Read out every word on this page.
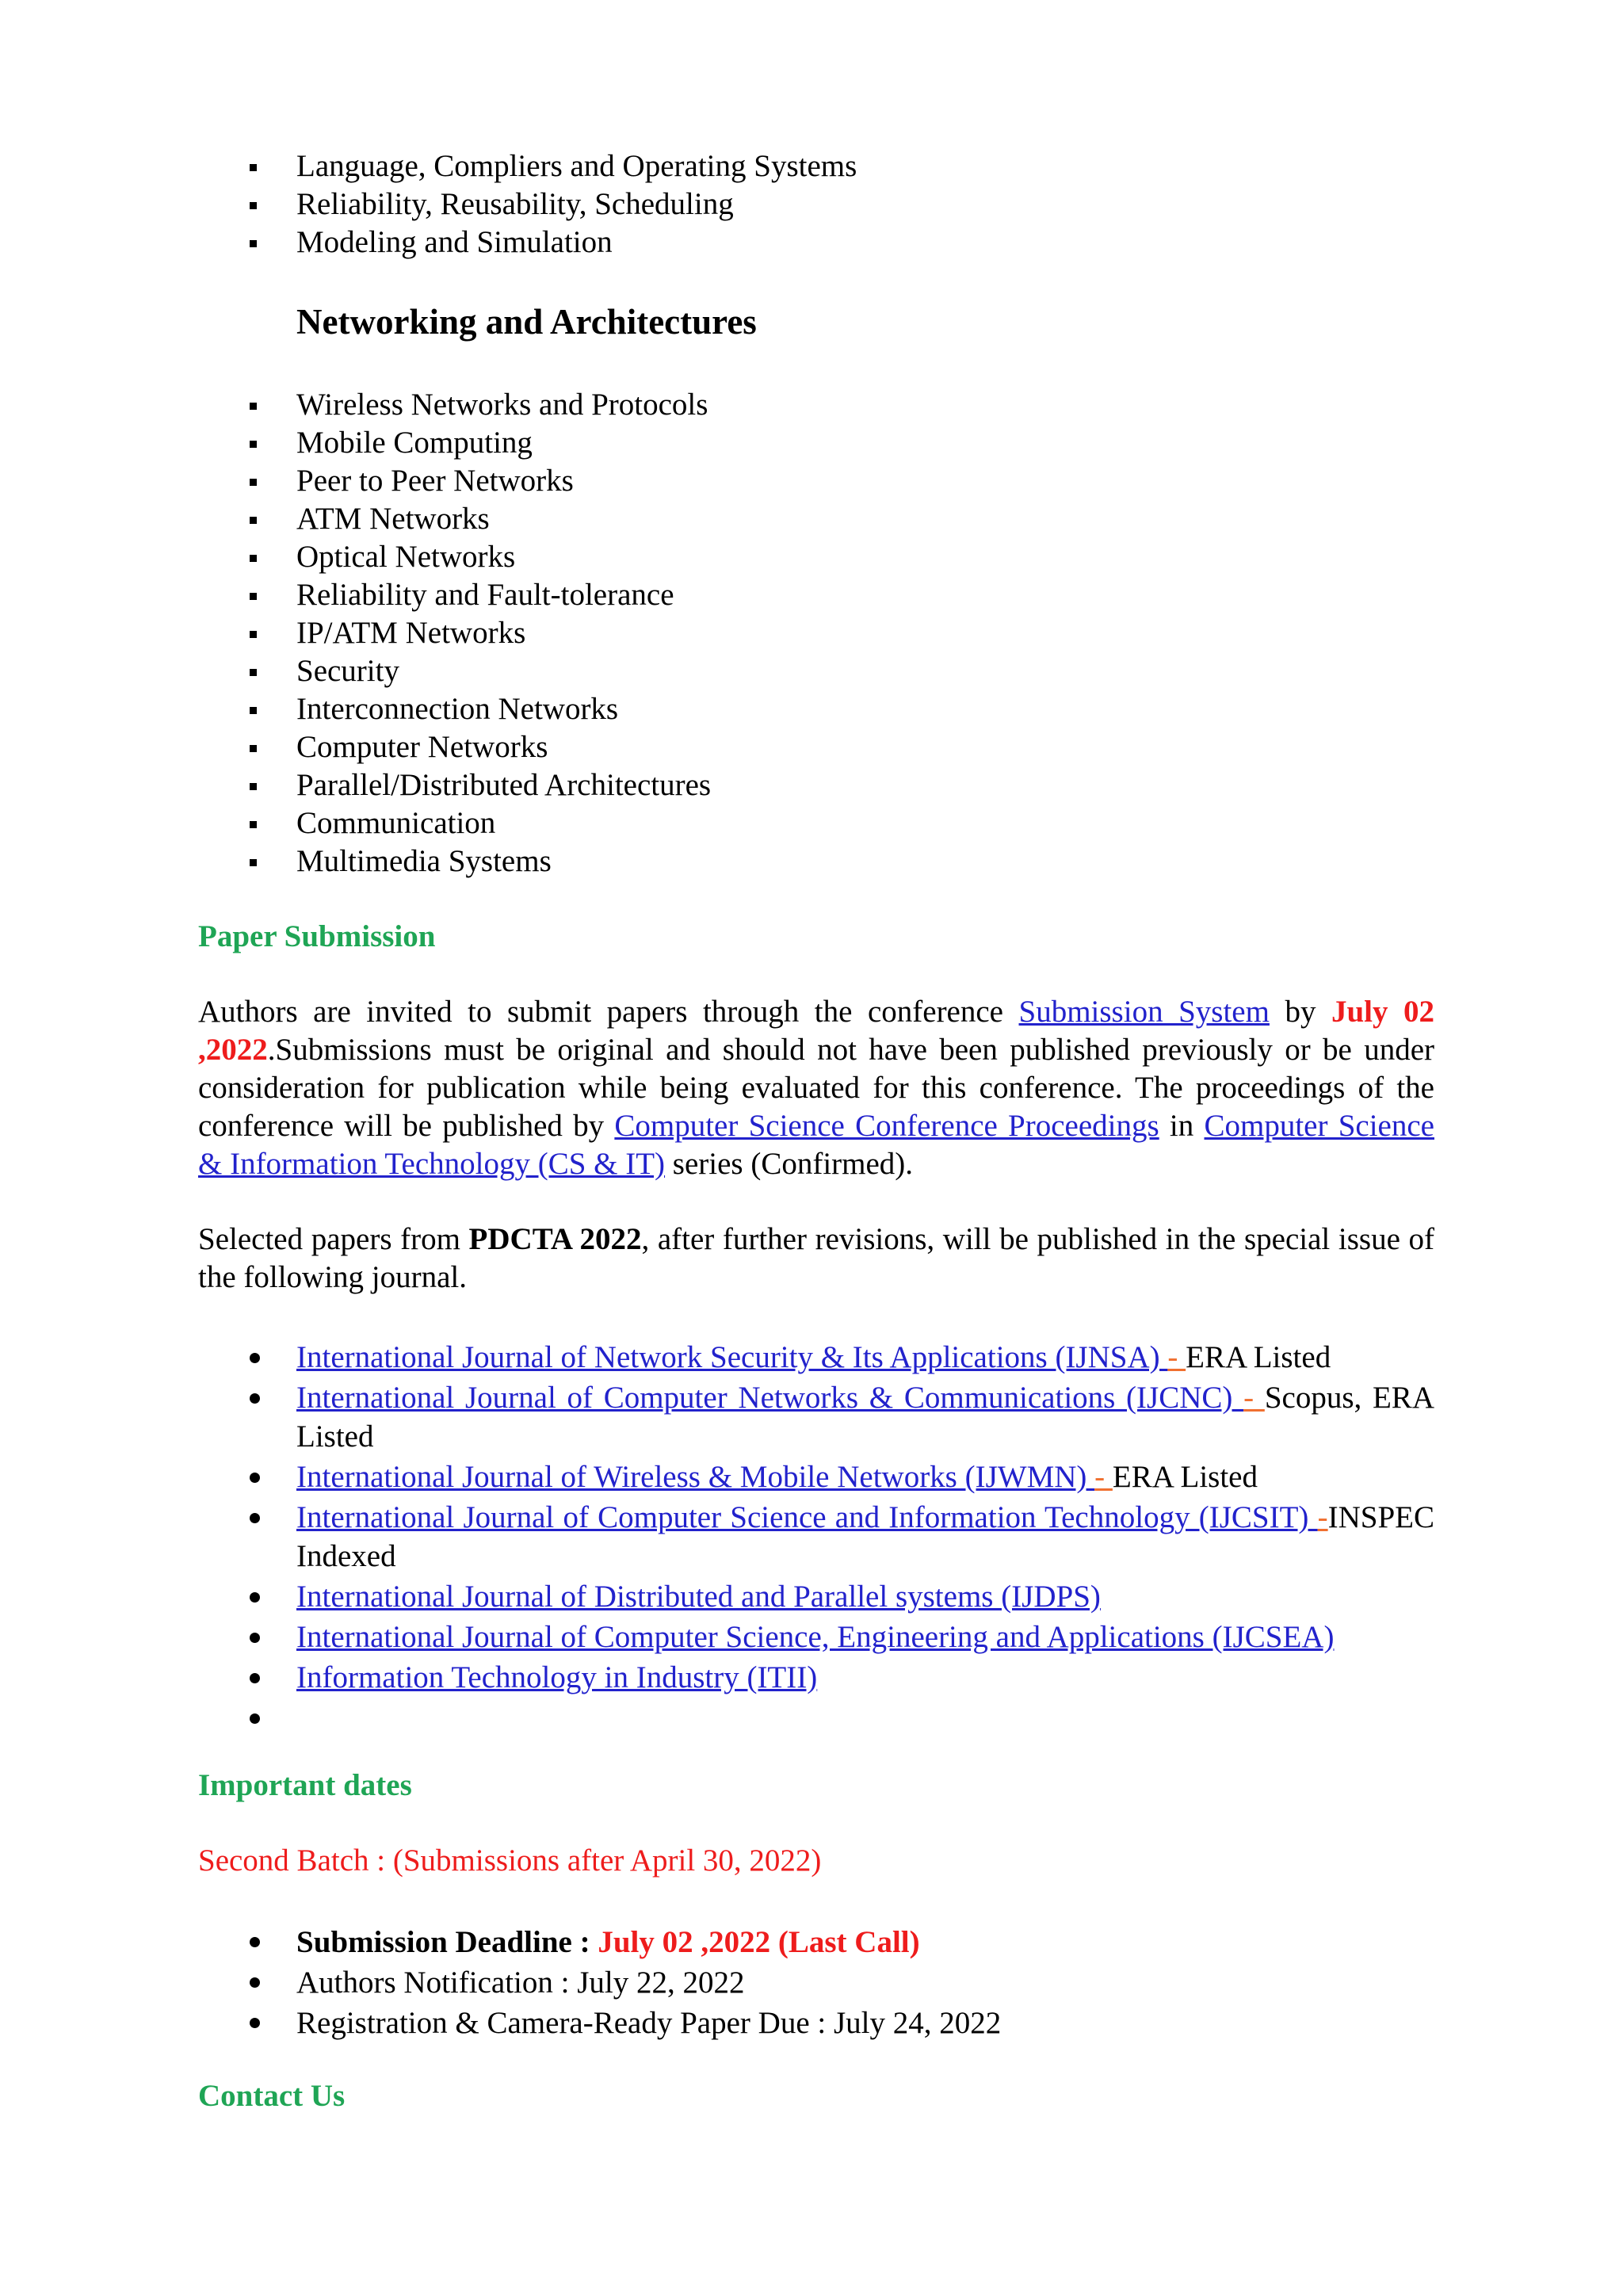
Language, Compliers and Operating Systems
Reliability, Reusability, Scheduling
Modeling and Simulation
Networking and Architectures
Wireless Networks and Protocols
Mobile Computing
Peer to Peer Networks
ATM Networks
Optical Networks
Reliability and Fault-tolerance
IP/ATM Networks
Security
Interconnection Networks
Computer Networks
Parallel/Distributed Architectures
Communication
Multimedia Systems
Paper Submission
Authors are invited to submit papers through the conference Submission System by July 02 ,2022.Submissions must be original and should not have been published previously or be under consideration for publication while being evaluated for this conference. The proceedings of the conference will be published by Computer Science Conference Proceedings in Computer Science & Information Technology (CS & IT) series (Confirmed).
Selected papers from PDCTA 2022, after further revisions, will be published in the special issue of the following journal.
International Journal of Network Security & Its Applications (IJNSA) - ERA Listed
International Journal of Computer Networks & Communications (IJCNC) - Scopus, ERA Listed
International Journal of Wireless & Mobile Networks (IJWMN) - ERA Listed
International Journal of Computer Science and Information Technology (IJCSIT) -INSPEC Indexed
International Journal of Distributed and Parallel systems (IJDPS)
International Journal of Computer Science, Engineering and Applications (IJCSEA)
Information Technology in Industry (ITII)

Important dates
Second Batch : (Submissions after April 30, 2022)
Submission Deadline : July 02 ,2022 (Last Call)
Authors Notification : July 22, 2022
Registration & Camera-Ready Paper Due : July 24, 2022
Contact Us
